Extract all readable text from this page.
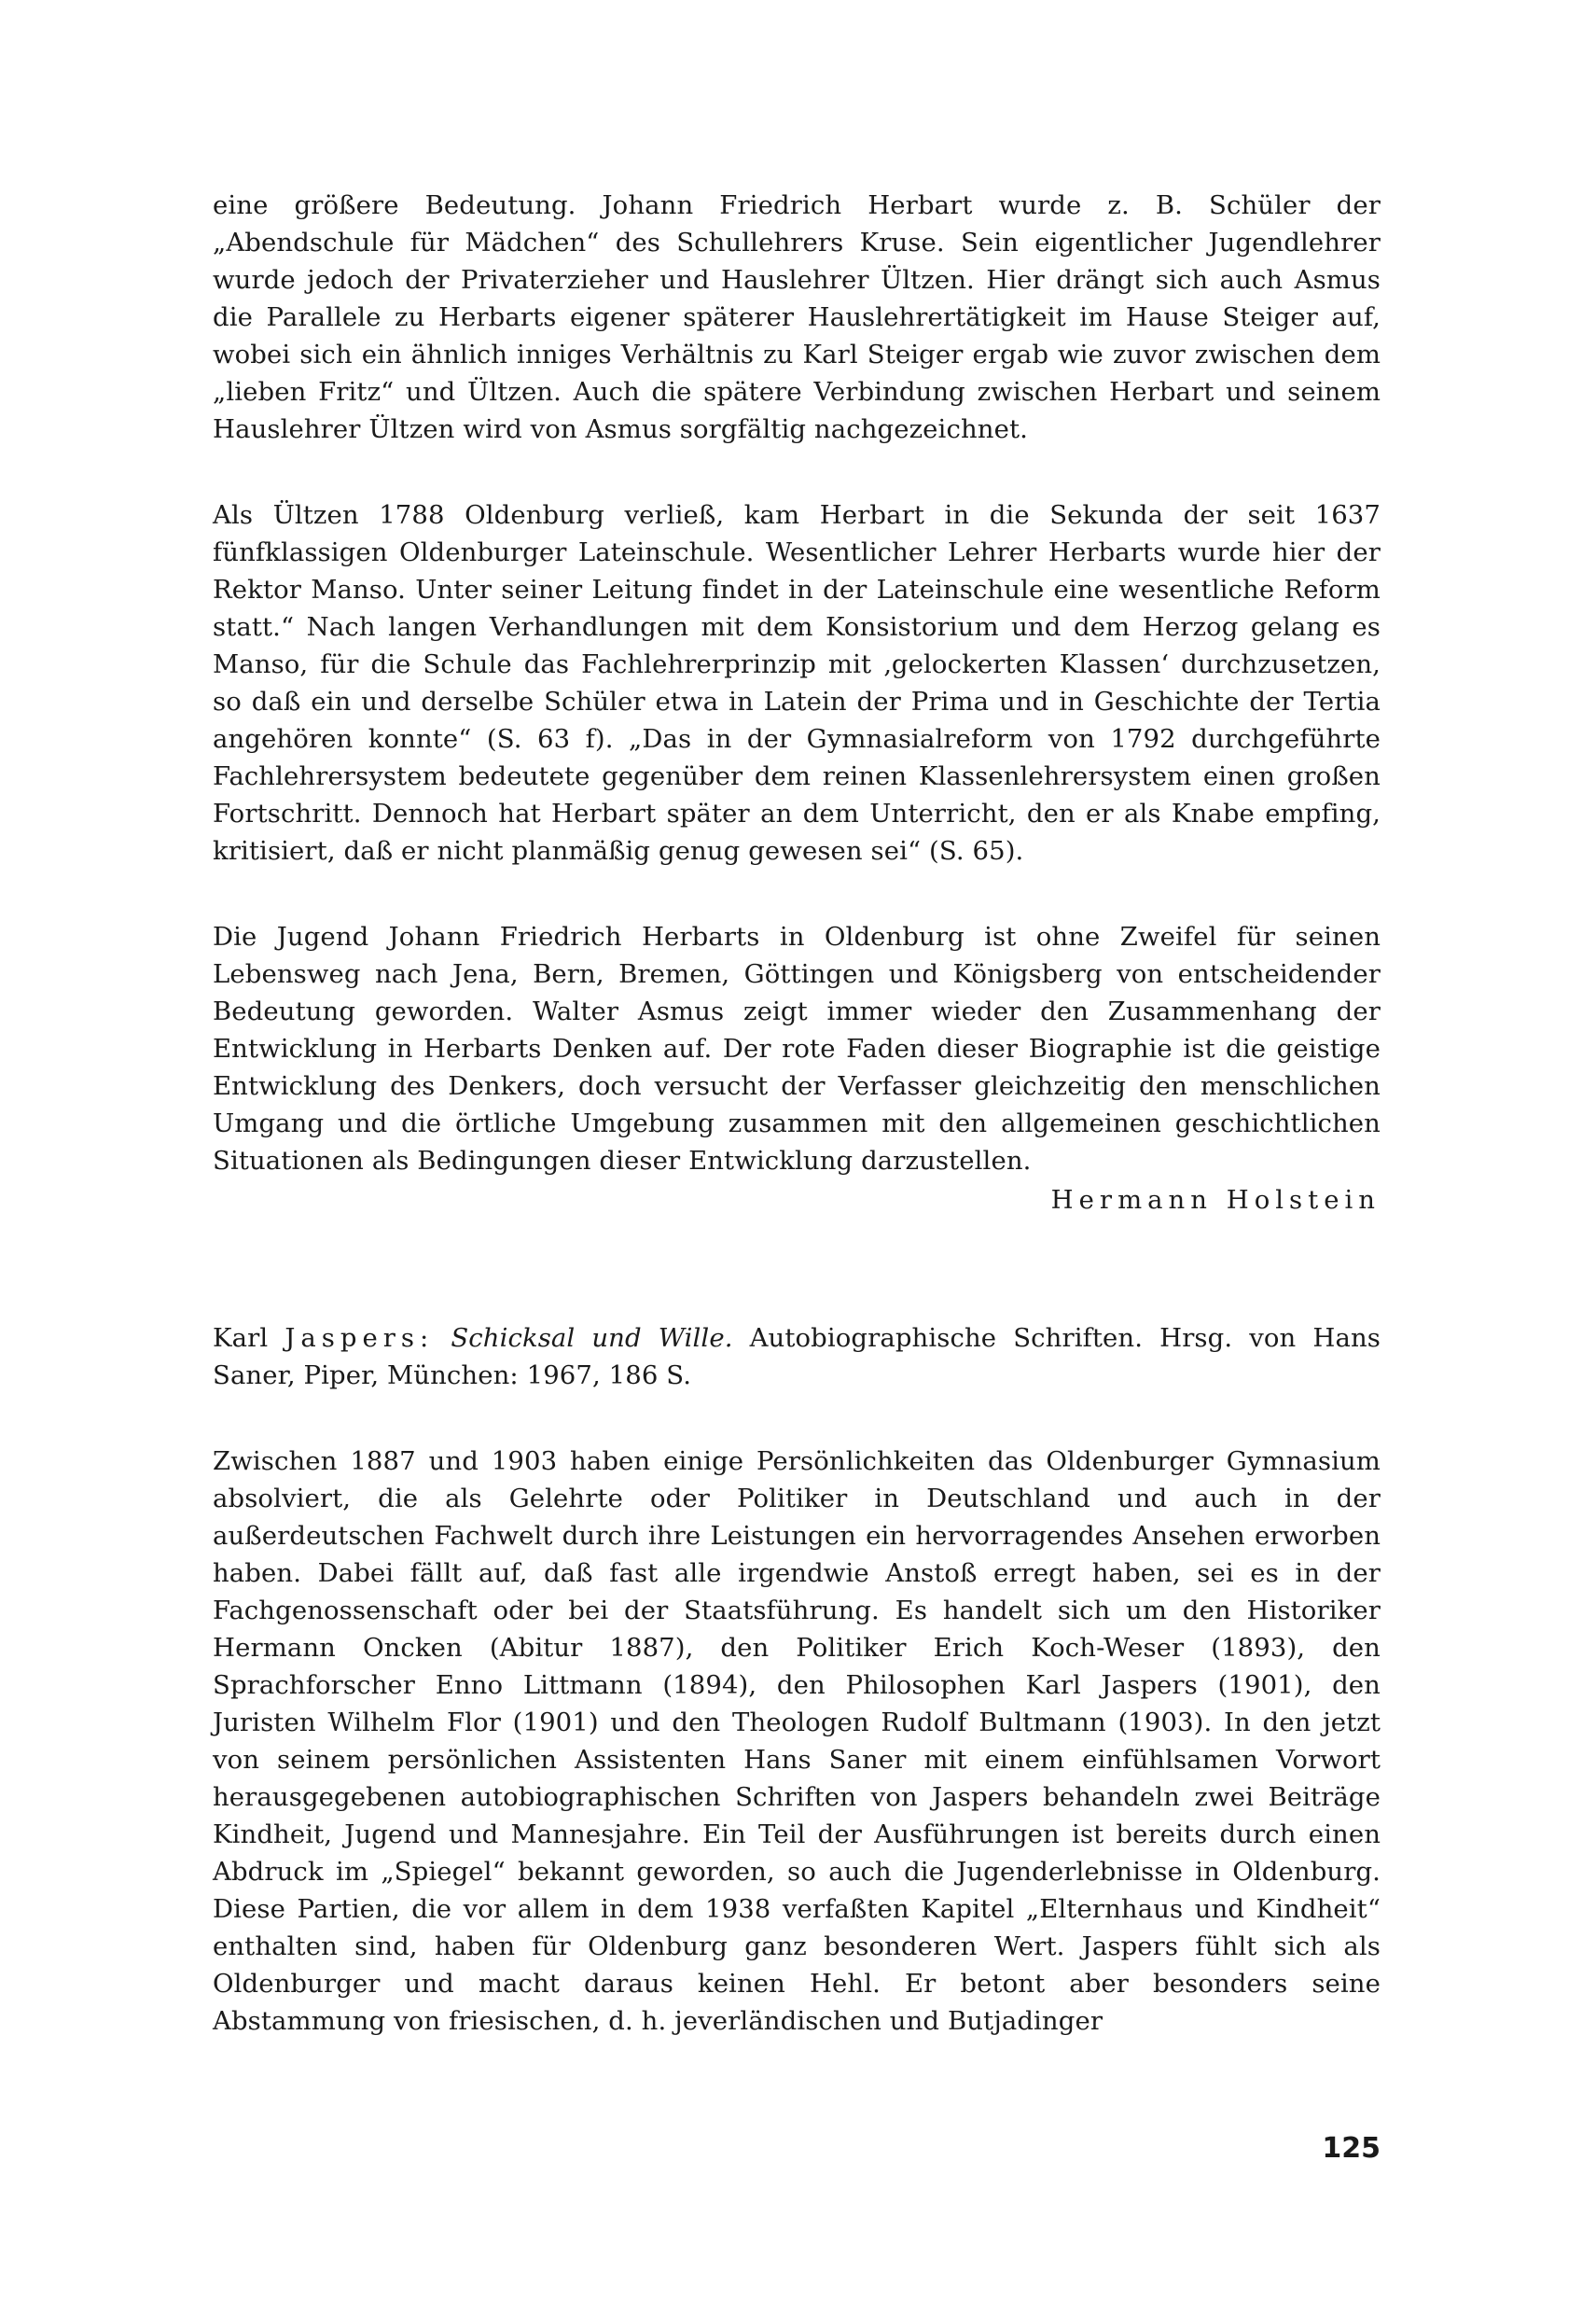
eine größere Bedeutung. Johann Friedrich Herbart wurde z. B. Schüler der „Abendschule für Mädchen“ des Schullehrers Kruse. Sein eigentlicher Jugendlehrer wurde jedoch der Privaterzieher und Hauslehrer Ültzen. Hier drängt sich auch Asmus die Parallele zu Herbarts eigener späterer Hauslehrertätigkeit im Hause Steiger auf, wobei sich ein ähnlich inniges Verhältnis zu Karl Steiger ergab wie zuvor zwischen dem „lieben Fritz“ und Ültzen. Auch die spätere Verbindung zwischen Herbart und seinem Hauslehrer Ültzen wird von Asmus sorgfältig nachgezeichnet.

Als Ültzen 1788 Oldenburg verließ, kam Herbart in die Sekunda der seit 1637 fünfklassigen Oldenburger Lateinschule. Wesentlicher Lehrer Herbarts wurde hier der Rektor Manso. Unter seiner Leitung findet in der Lateinschule eine wesentliche Reform statt.“ Nach langen Verhandlungen mit dem Konsistorium und dem Herzog gelang es Manso, für die Schule das Fachlehrerprinzip mit ‚gelockerten Klassen‘ durchzusetzen, so daß ein und derselbe Schüler etwa in Latein der Prima und in Geschichte der Tertia angehören konnte“ (S. 63 f). „Das in der Gymnasialreform von 1792 durchgeführte Fachlehrersystem bedeutete gegenüber dem reinen Klassenlehrersystem einen großen Fortschritt. Dennoch hat Herbart später an dem Unterricht, den er als Knabe empfing, kritisiert, daß er nicht planmäßig genug gewesen sei“ (S. 65).

Die Jugend Johann Friedrich Herbarts in Oldenburg ist ohne Zweifel für seinen Lebensweg nach Jena, Bern, Bremen, Göttingen und Königsberg von entscheidender Bedeutung geworden. Walter Asmus zeigt immer wieder den Zusammenhang der Entwicklung in Herbarts Denken auf. Der rote Faden dieser Biographie ist die geistige Entwicklung des Denkers, doch versucht der Verfasser gleichzeitig den menschlichen Umgang und die örtliche Umgebung zusammen mit den allgemeinen geschichtlichen Situationen als Bedingungen dieser Entwicklung darzustellen.

Hermann Holstein

Karl Jaspers: Schicksal und Wille. Autobiographische Schriften. Hrsg. von Hans Saner, Piper, München: 1967, 186 S.

Zwischen 1887 und 1903 haben einige Persönlichkeiten das Oldenburger Gymnasium absolviert, die als Gelehrte oder Politiker in Deutschland und auch in der außerdeutschen Fachwelt durch ihre Leistungen ein hervorragendes Ansehen erworben haben. Dabei fällt auf, daß fast alle irgendwie Anstoß erregt haben, sei es in der Fachgenossenschaft oder bei der Staatsführung. Es handelt sich um den Historiker Hermann Oncken (Abitur 1887), den Politiker Erich Koch-Weser (1893), den Sprachforscher Enno Littmann (1894), den Philosophen Karl Jaspers (1901), den Juristen Wilhelm Flor (1901) und den Theologen Rudolf Bultmann (1903). In den jetzt von seinem persönlichen Assistenten Hans Saner mit einem einfühlsamen Vorwort herausgegebenen autobiographischen Schriften von Jaspers behandeln zwei Beiträge Kindheit, Jugend und Mannesjahre. Ein Teil der Ausführungen ist bereits durch einen Abdruck im „Spiegel“ bekannt geworden, so auch die Jugenderlebnisse in Oldenburg. Diese Partien, die vor allem in dem 1938 verfaßten Kapitel „Elternhaus und Kindheit“ enthalten sind, haben für Oldenburg ganz besonderen Wert. Jaspers fühlt sich als Oldenburger und macht daraus keinen Hehl. Er betont aber besonders seine Abstammung von friesischen, d. h. jeverländischen und Butjadinger

125
